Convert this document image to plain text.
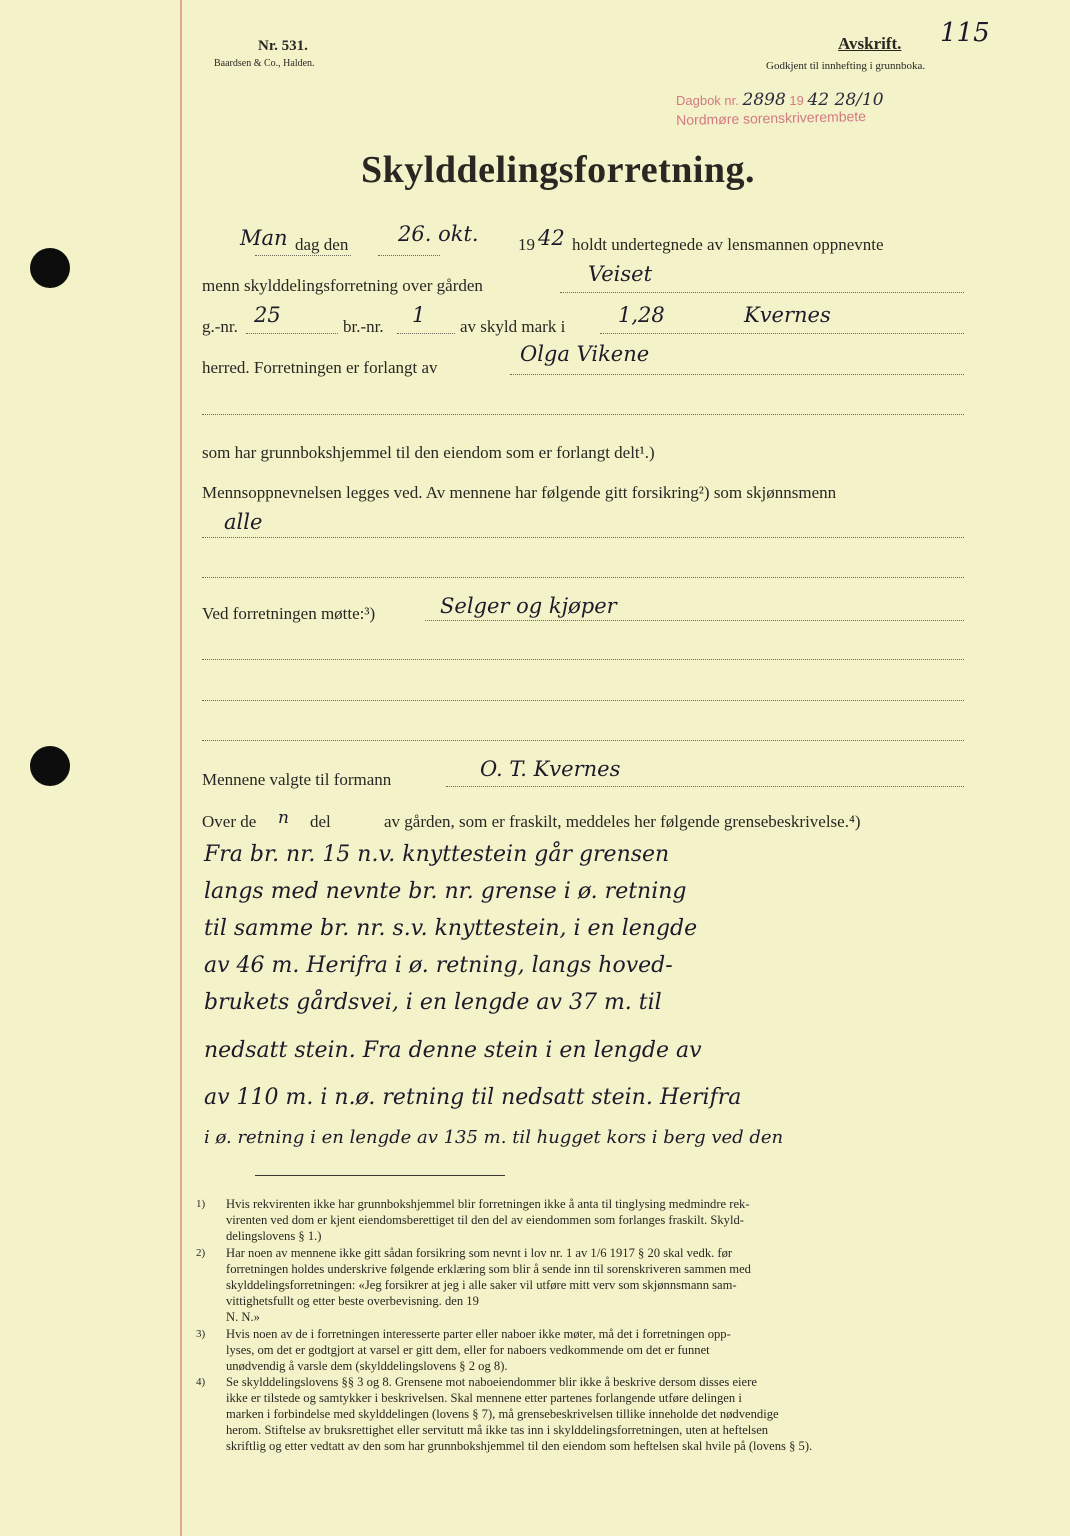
Nr. 531.
Baardsen & Co., Halden.
Avskrift.
Godkjent til innhefting i grunnboka.
115
Dagbok nr. 2898 19 42 28/10
Nordmøre sorenskriverembete
Skylddelingsforretning.
Man dag den 26. okt.	19 42 holdt undertegnede av lensmannen oppnevnte
menn skylddelingsforretning over gården	Veiset
g.-nr. 25	br.-nr. 1 av skyld mark i	1,28	Kvernes
herred. Forretningen er forlangt av
Olga Vikene
som har grunnbokshjemmel til den eiendom som er forlangt delt¹.)
Mennsoppnevnelsen legges ved. Av mennene har følgende gitt forsikring²) som skjønnsmenn
alle
Ved forretningen møtte:³)	Selger og kjøper
Mennene valgte til formann	O. T. Kvernes
Over de n del	av gården, som er fraskilt, meddeles her følgende grensebeskrivelse.⁴)
Fra br. nr. 15 n.v. knyttestein går grensen
langs med nevnte br. nr. grense i ø. retning
til samme br. nr. s.v. knyttestein, i en lengde
av 46 m. Herifra i ø. retning, langs hoved-
brukets gårdsvei, i en lengde av 37 m. til
nedsatt stein. Fra denne stein i en lengde av
av 110 m. i n.ø. retning til nedsatt stein. Herifra
i ø. retning i en lengde av 135 m. til hugget kors i berg ved den
1) Hvis rekvirenten ikke har grunnbokshjemmel blir forretningen ikke å anta til tinglysing medmindre rek-

virenten ved dom er kjent eiendomsberettiget til den del av eiendommen som forlanges fraskilt. Skyld-

delingslovens § 1.)

2) Har noen av mennene ikke gitt sådan forsikring som nevnt i lov nr. 1 av 1/6 1917 § 20 skal vedk. før

forretningen holdes underskrive følgende erklæring som blir å sende inn til sorenskriveren sammen med

skylddelingsforretningen: «Jeg forsikrer at jeg i alle saker vil utføre mitt verv som skjønnsmann sam-

vittighetsfullt og etter beste overbevisning. den 19

N. N.»

3) Hvis noen av de i forretningen interesserte parter eller naboer ikke møter, må det i forretningen opp-

lyses, om det er godtgjort at varsel er gitt dem, eller for naboers vedkommende om det er funnet

unødvendig å varsle dem (skylddelingslovens § 2 og 8).

4) Se skylddelingslovens §§ 3 og 8. Grensene mot naboeiendommer blir ikke å beskrive dersom disses eiere

ikke er tilstede og samtykker i beskrivelsen. Skal mennene etter partenes forlangende utføre delingen i

marken i forbindelse med skylddelingen (lovens § 7), må grensebeskrivelsen tillike inneholde det nødvendige

herom. Stiftelse av bruksrettighet eller servitutt må ikke tas inn i skylddelingsforretningen, uten at heftelsen

skriftlig og etter vedtatt av den som har grunnbokshjemmel til den eiendom som heftelsen skal hvile på (lovens § 5).
